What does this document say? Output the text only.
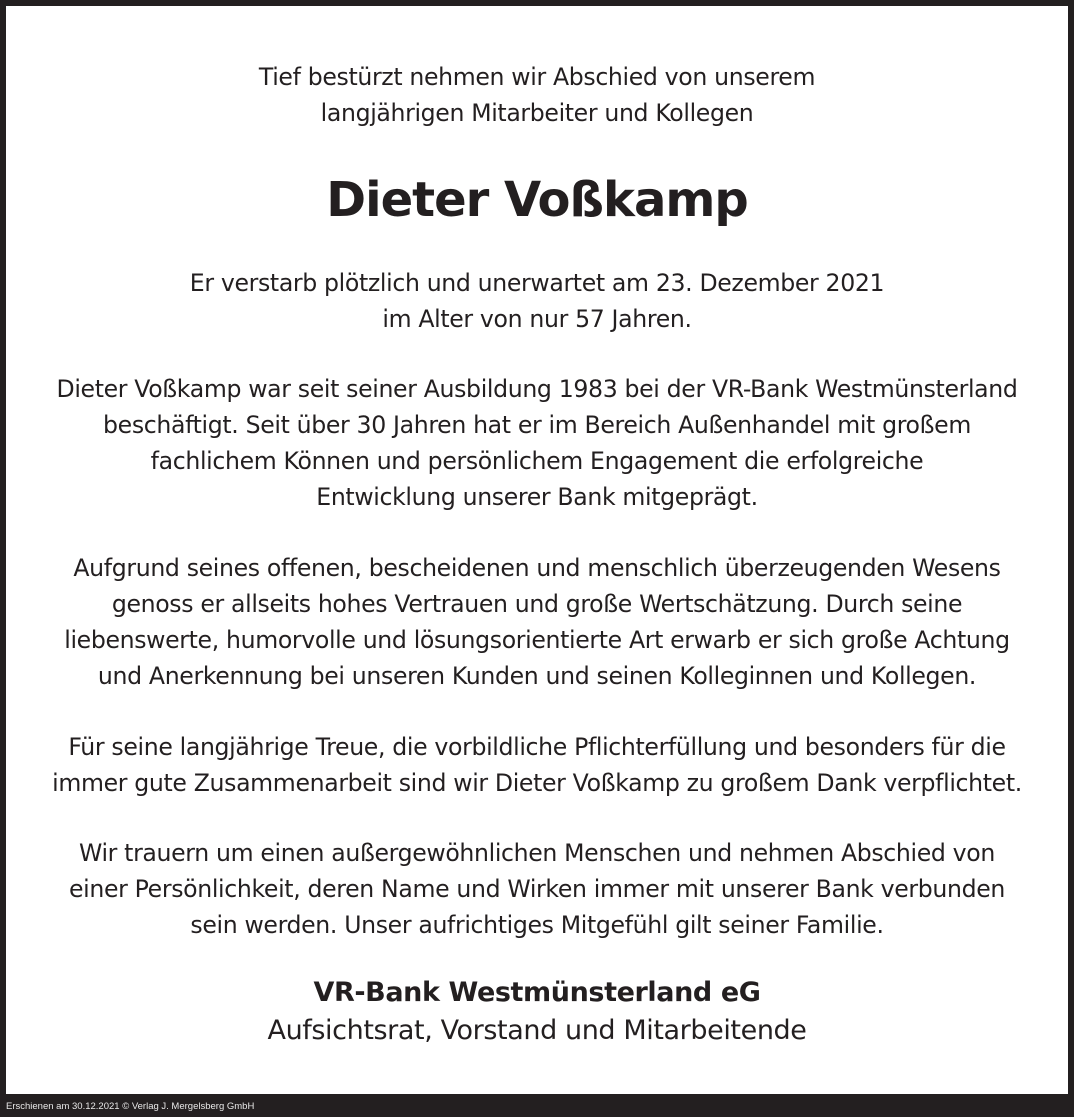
Tief bestürzt nehmen wir Abschied von unserem
langjährigen Mitarbeiter und Kollegen
Dieter Voßkamp
Er verstarb plötzlich und unerwartet am 23. Dezember 2021
im Alter von nur 57 Jahren.
Dieter Voßkamp war seit seiner Ausbildung 1983 bei der VR-Bank Westmünsterland
beschäftigt. Seit über 30 Jahren hat er im Bereich Außenhandel mit großem
fachlichem Können und persönlichem Engagement die erfolgreiche
Entwicklung unserer Bank mitgeprägt.
Aufgrund seines offenen, bescheidenen und menschlich überzeugenden Wesens
genoss er allseits hohes Vertrauen und große Wertschätzung. Durch seine
liebenswerte, humorvolle und lösungsorientierte Art erwarb er sich große Achtung
und Anerkennung bei unseren Kunden und seinen Kolleginnen und Kollegen.
Für seine langjährige Treue, die vorbildliche Pflichterfüllung und besonders für die
immer gute Zusammenarbeit sind wir Dieter Voßkamp zu großem Dank verpflichtet.
Wir trauern um einen außergewöhnlichen Menschen und nehmen Abschied von
einer Persönlichkeit, deren Name und Wirken immer mit unserer Bank verbunden
sein werden. Unser aufrichtiges Mitgefühl gilt seiner Familie.
VR-Bank Westmünsterland eG
Aufsichtsrat, Vorstand und Mitarbeitende
Erschienen am 30.12.2021 © Verlag J. Mergelsberg GmbH
